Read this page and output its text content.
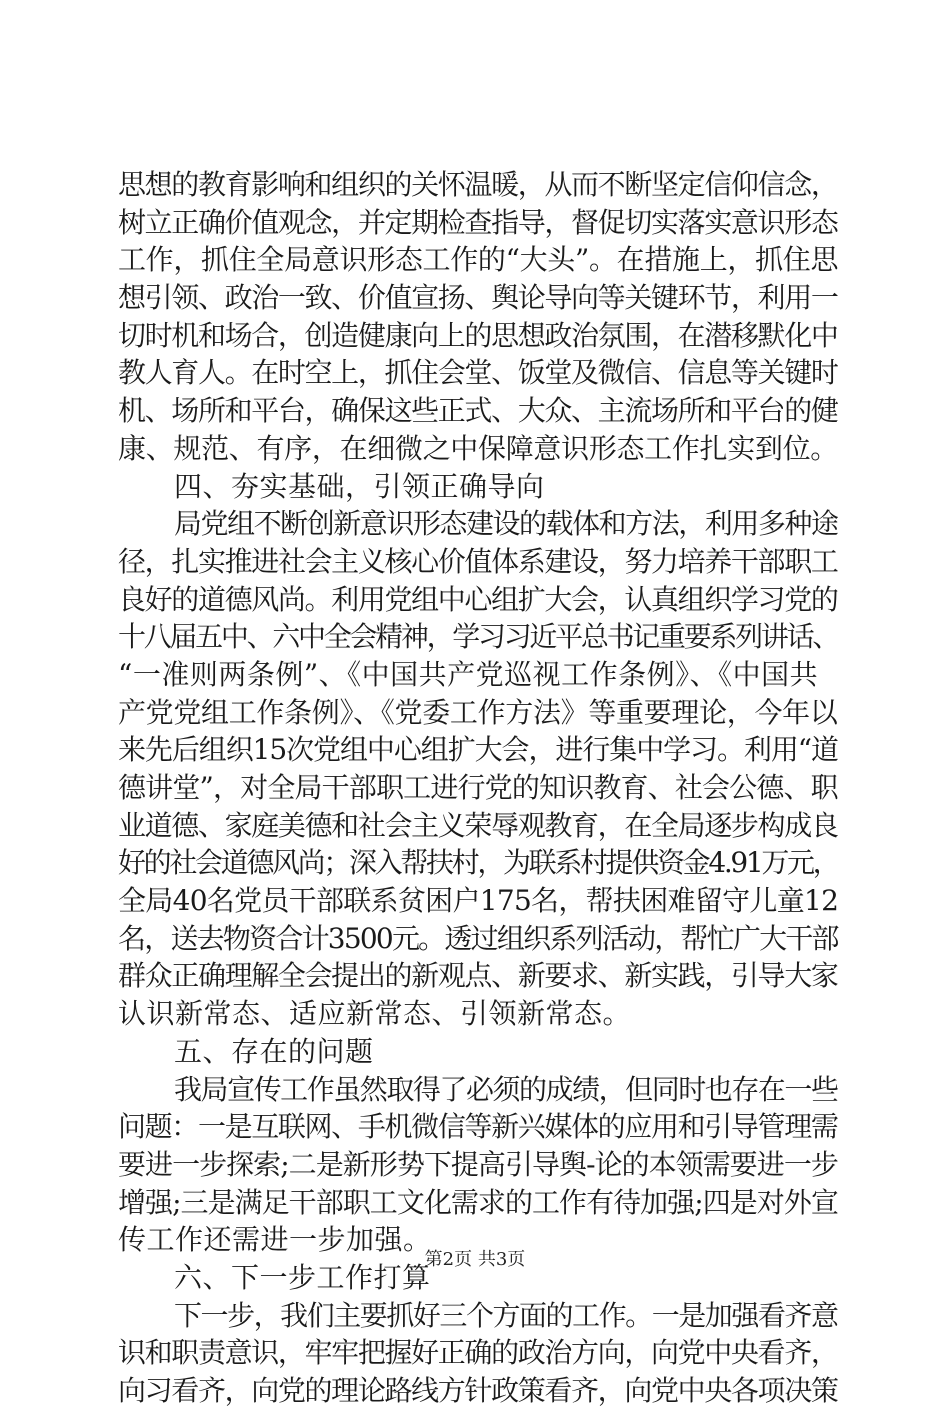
思想的教育影响和组织的关怀温暖，从而不断坚定信仰信念，
树立正确价值观念，并定期检查指导，督促切实落实意识形态
工作，抓住全局意识形态工作的“大头”。在措施上，抓住思
想引领、政治一致、价值宣扬、舆论导向等关键环节，利用一
切时机和场合，创造健康向上的思想政治氛围，在潜移默化中
教人育人。在时空上，抓住会堂、饭堂及微信、信息等关键时
机、场所和平台，确保这些正式、大众、主流场所和平台的健
康、规范、有序，在细微之中保障意识形态工作扎实到位。
四、夯实基础，引领正确导向
局党组不断创新意识形态建设的载体和方法，利用多种途
径，扎实推进社会主义核心价值体系建设，努力培养干部职工
良好的道德风尚。利用党组中心组扩大会，认真组织学习党的
十八届五中、六中全会精神，学习习近平总书记重要系列讲话、
“一准则两条例”、《中国共产党巡视工作条例》、《中国共
产党党组工作条例》、《党委工作方法》等重要理论，今年以
来先后组织15次党组中心组扩大会，进行集中学习。利用“道
德讲堂”，对全局干部职工进行党的知识教育、社会公德、职
业道德、家庭美德和社会主义荣辱观教育，在全局逐步构成良
好的社会道德风尚；深入帮扶村，为联系村提供资金4.91万元，
全局40名党员干部联系贫困户175名，帮扶困难留守儿童12
名，送去物资合计3500元。透过组织系列活动，帮忙广大干部
群众正确理解全会提出的新观点、新要求、新实践，引导大家
认识新常态、适应新常态、引领新常态。
五、存在的问题
我局宣传工作虽然取得了必须的成绩，但同时也存在一些
问题：一是互联网、手机微信等新兴媒体的应用和引导管理需
要进一步探索;二是新形势下提高引导舆-论的本领需要进一步
增强;三是满足干部职工文化需求的工作有待加强;四是对外宣
传工作还需进一步加强。
六、下一步工作打算
下一步，我们主要抓好三个方面的工作。一是加强看齐意
识和职责意识，牢牢把握好正确的政治方向，向党中央看齐，
向习看齐，向党的理论路线方针政策看齐，向党中央各项决策
第2页 共3页
